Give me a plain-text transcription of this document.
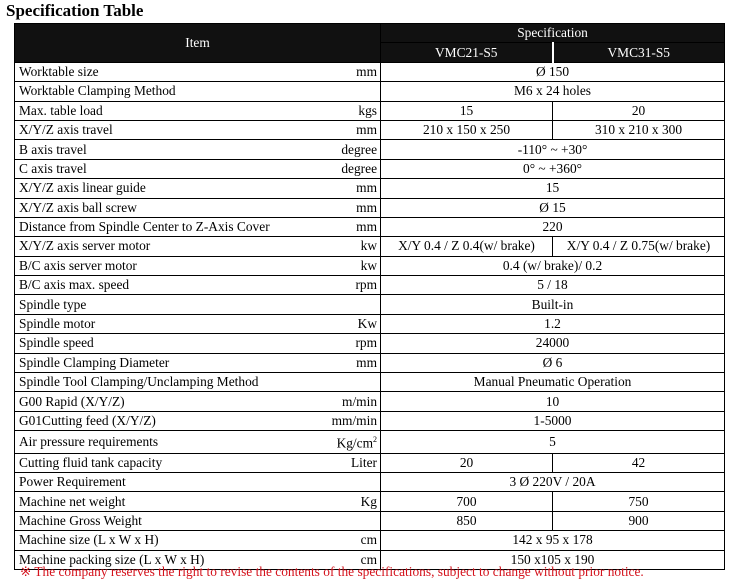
Specification Table
Item		Specification	
		VMC21-S5	VMC31-S5
Worktable size	mm	Ø 150	
Worktable Clamping Method		M6 x 24 holes	
Max. table load	kgs	15	20
X/Y/Z axis travel	mm	210 x 150 x 250	310 x 210 x 300
B axis travel	degree	-110° ~ +30°	
C axis travel	degree	0° ~ +360°	
X/Y/Z axis linear guide	mm	15	
X/Y/Z axis ball screw	mm	Ø 15	
Distance from Spindle Center to Z-Axis Cover	mm	220	
X/Y/Z axis server motor	kw	X/Y 0.4 / Z 0.4(w/ brake)	X/Y 0.4 / Z 0.75(w/ brake)
B/C axis server motor	kw	0.4 (w/ brake)/ 0.2	
B/C axis max. speed	rpm	5 / 18	
Spindle type		Built-in	
Spindle motor	Kw	1.2	
Spindle speed	rpm	24000	
Spindle Clamping Diameter	mm	Ø 6	
Spindle Tool Clamping/Unclamping Method		Manual Pneumatic Operation	
G00 Rapid (X/Y/Z)	m/min	10	
G01Cutting feed (X/Y/Z)	mm/min	1-5000	
Air pressure requirements	$Kg/cm^2$	5	
Cutting fluid tank capacity	Liter	20	42
Power Requirement		3 Ø 220V / 20A	
Machine net weight	Kg	700	750
Machine Gross Weight		850	900
Machine size (L x W x H)	cm	142 x 95 x 178	
Machine packing size (L x W x H)	cm	150 x105 x 190	
※ The company reserves the right to revise the contents of the specifications, subject to change without prior notice.
